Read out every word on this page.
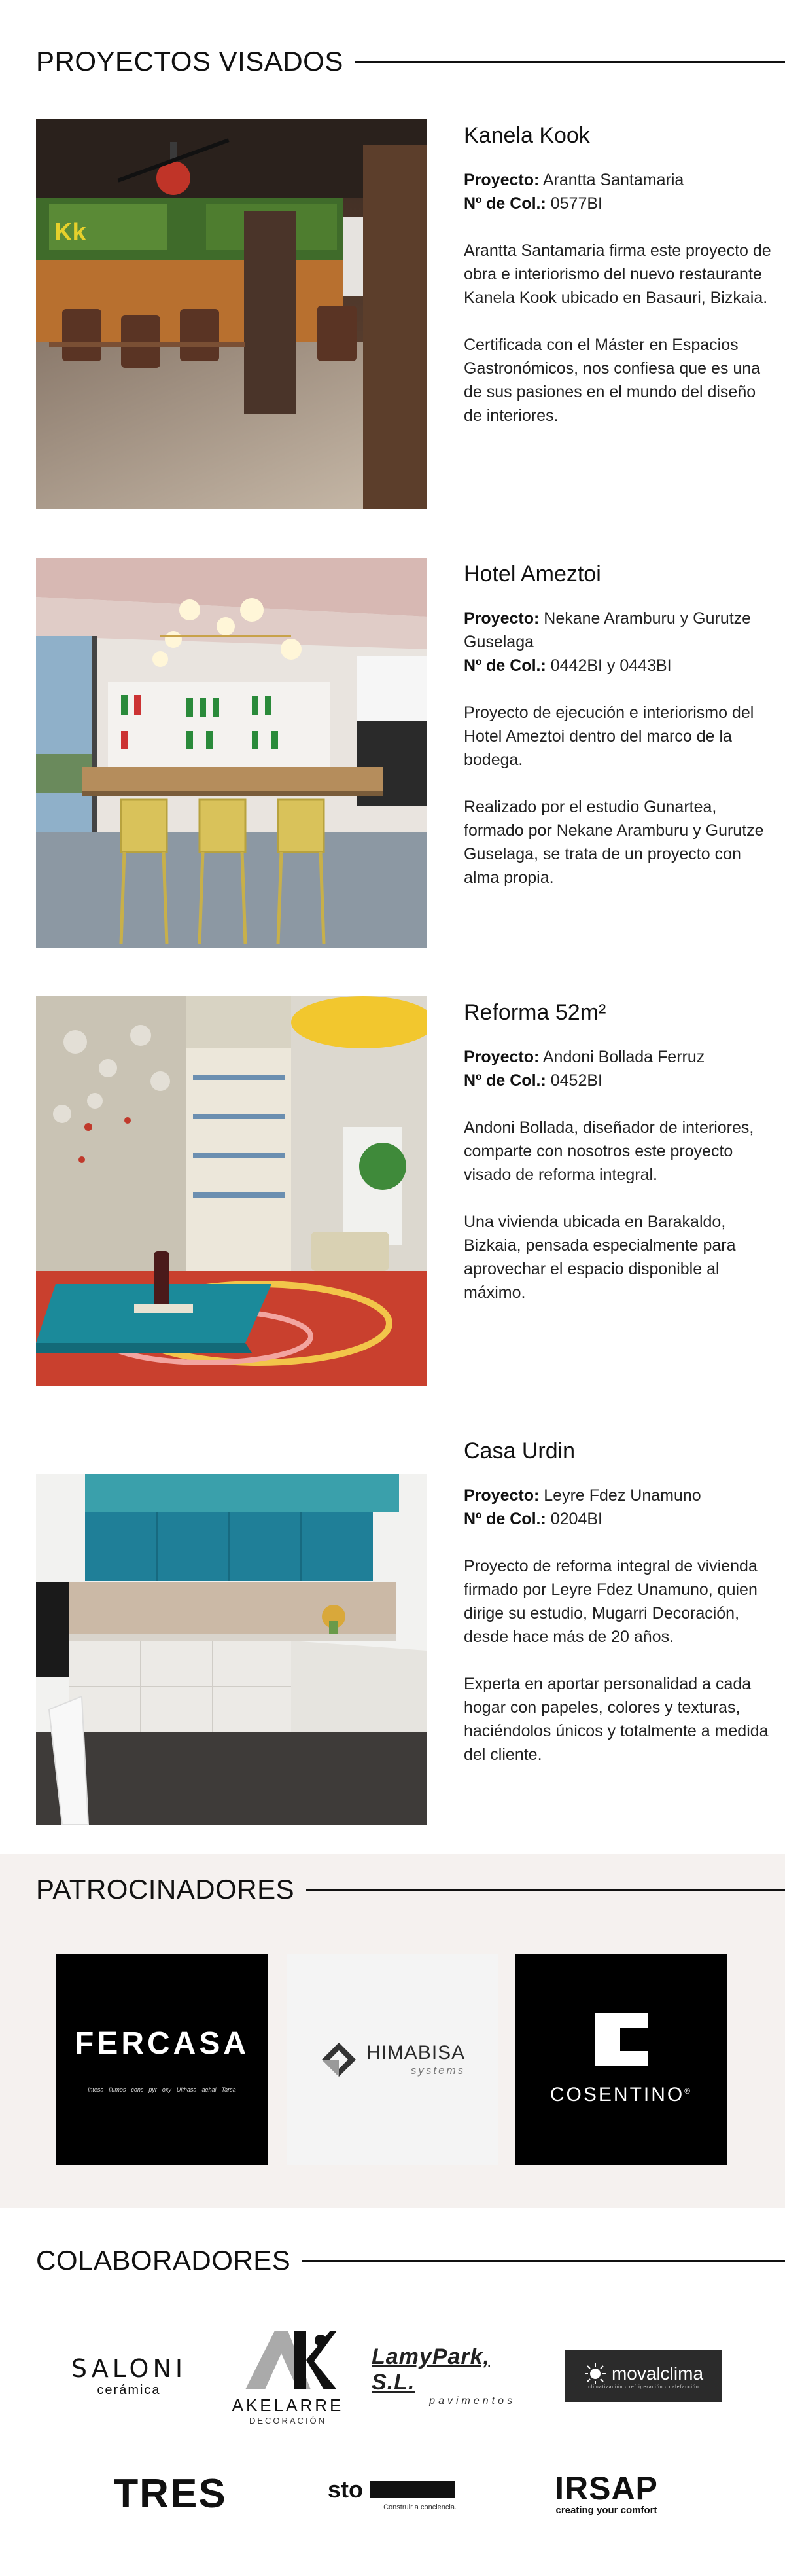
PROYECTOS VISADOS
Kk
Kanela Kook
Proyecto: Arantta Santamaria
Nº de Col.: 0577BI

Arantta Santamaria firma este proyecto de obra e interiorismo del nuevo restaurante Kanela Kook ubicado en Basauri, Bizkaia.

Certificada con el Máster en Espacios Gastronómicos, nos confiesa que es una de sus pasiones en el mundo del diseño de interiores.

Hotel Ameztoi
Proyecto: Nekane Aramburu y Gurutze Guselaga
Nº de Col.: 0442BI y 0443BI

Proyecto de ejecución e interiorismo del Hotel Ameztoi dentro del marco de la bodega.

Realizado por el estudio Gunartea, formado por Nekane Aramburu y Gurutze Guselaga, se trata de un proyecto con alma propia.

Reforma 52m²
Proyecto: Andoni Bollada Ferruz
Nº de Col.: 0452BI

Andoni Bollada, diseñador de interiores, comparte con nosotros este proyecto visado de reforma integral.

Una vivienda ubicada en Barakaldo, Bizkaia, pensada especialmente para aprovechar el espacio disponible al máximo.

Casa Urdin
Proyecto: Leyre Fdez Unamuno
Nº de Col.: 0204BI

Proyecto de reforma integral de vivienda firmado por Leyre Fdez Unamuno, quien dirige su estudio, Mugarri Decoración, desde hace más de 20 años.

Experta en aportar personalidad a cada hogar con papeles, colores y texturas, haciéndolos únicos y totalmente a medida del cliente.

PATROCINADORES
FERCASA
intesa ilumos cons pyr oxy Ulthasa aehal Tarsa
HIMABISA
systems
COSENTINO®
COLABORADORES
SALONI
cerámica
AKELARRE
DECORACIÓN
LamyPark, S.L.
pavimentos
movalclima
climatización · refrigeración · calefacción
TRES	sto
Construir a conciencia.
IRSAP
creating your comfort
